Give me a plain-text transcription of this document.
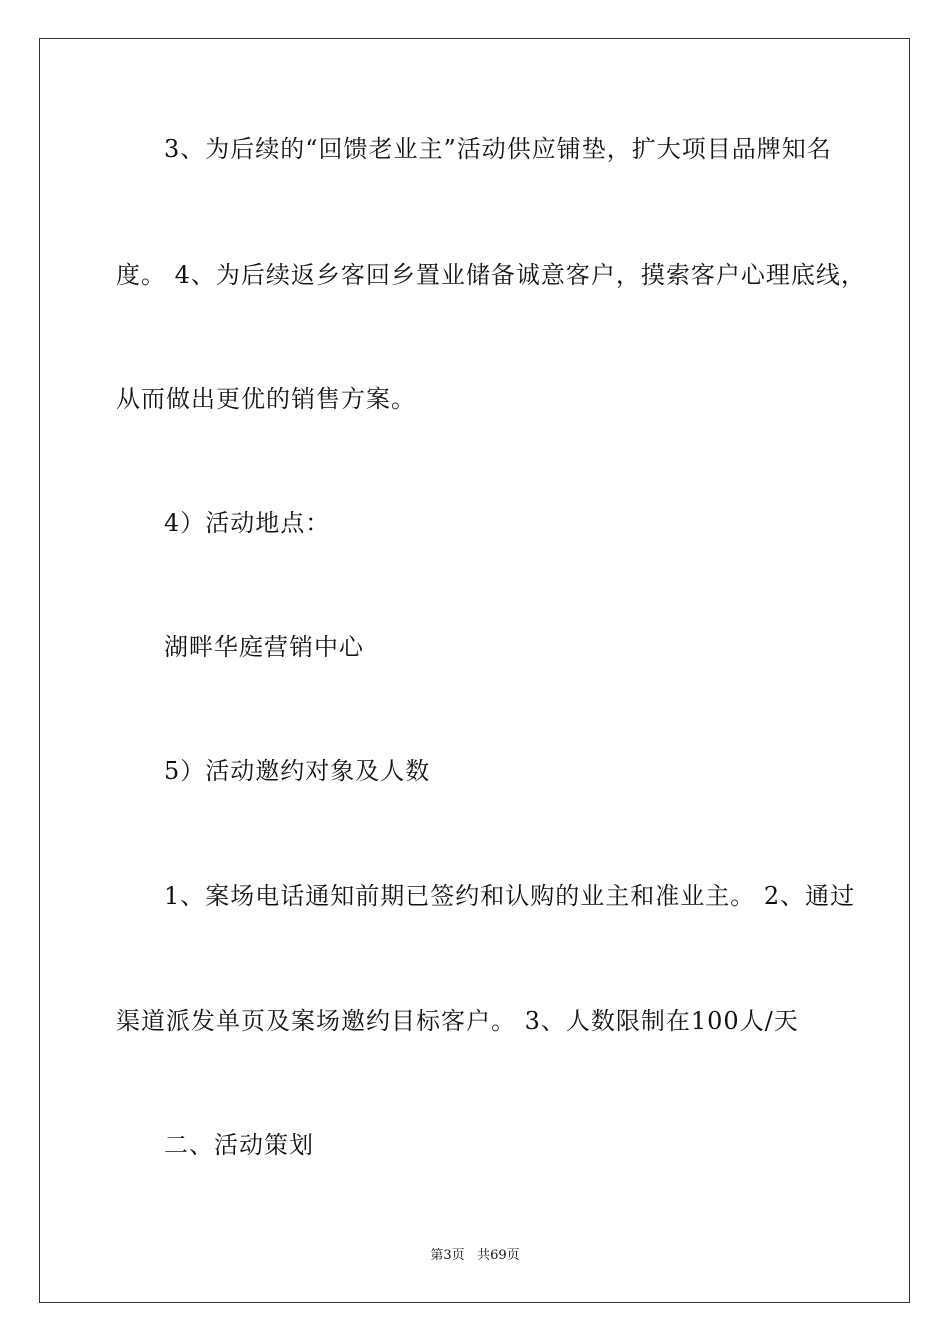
3、为后续的“回馈老业主”活动供应铺垫，扩大项目品牌知名
度。 4、为后续返乡客回乡置业储备诚意客户，摸索客户心理底线，
从而做出更优的销售方案。
4）活动地点：
湖畔华庭营销中心
5）活动邀约对象及人数
1、案场电话通知前期已签约和认购的业主和准业主。 2、通过
渠道派发单页及案场邀约目标客户。 3、人数限制在100人/天
二、活动策划
第3页 共69页
